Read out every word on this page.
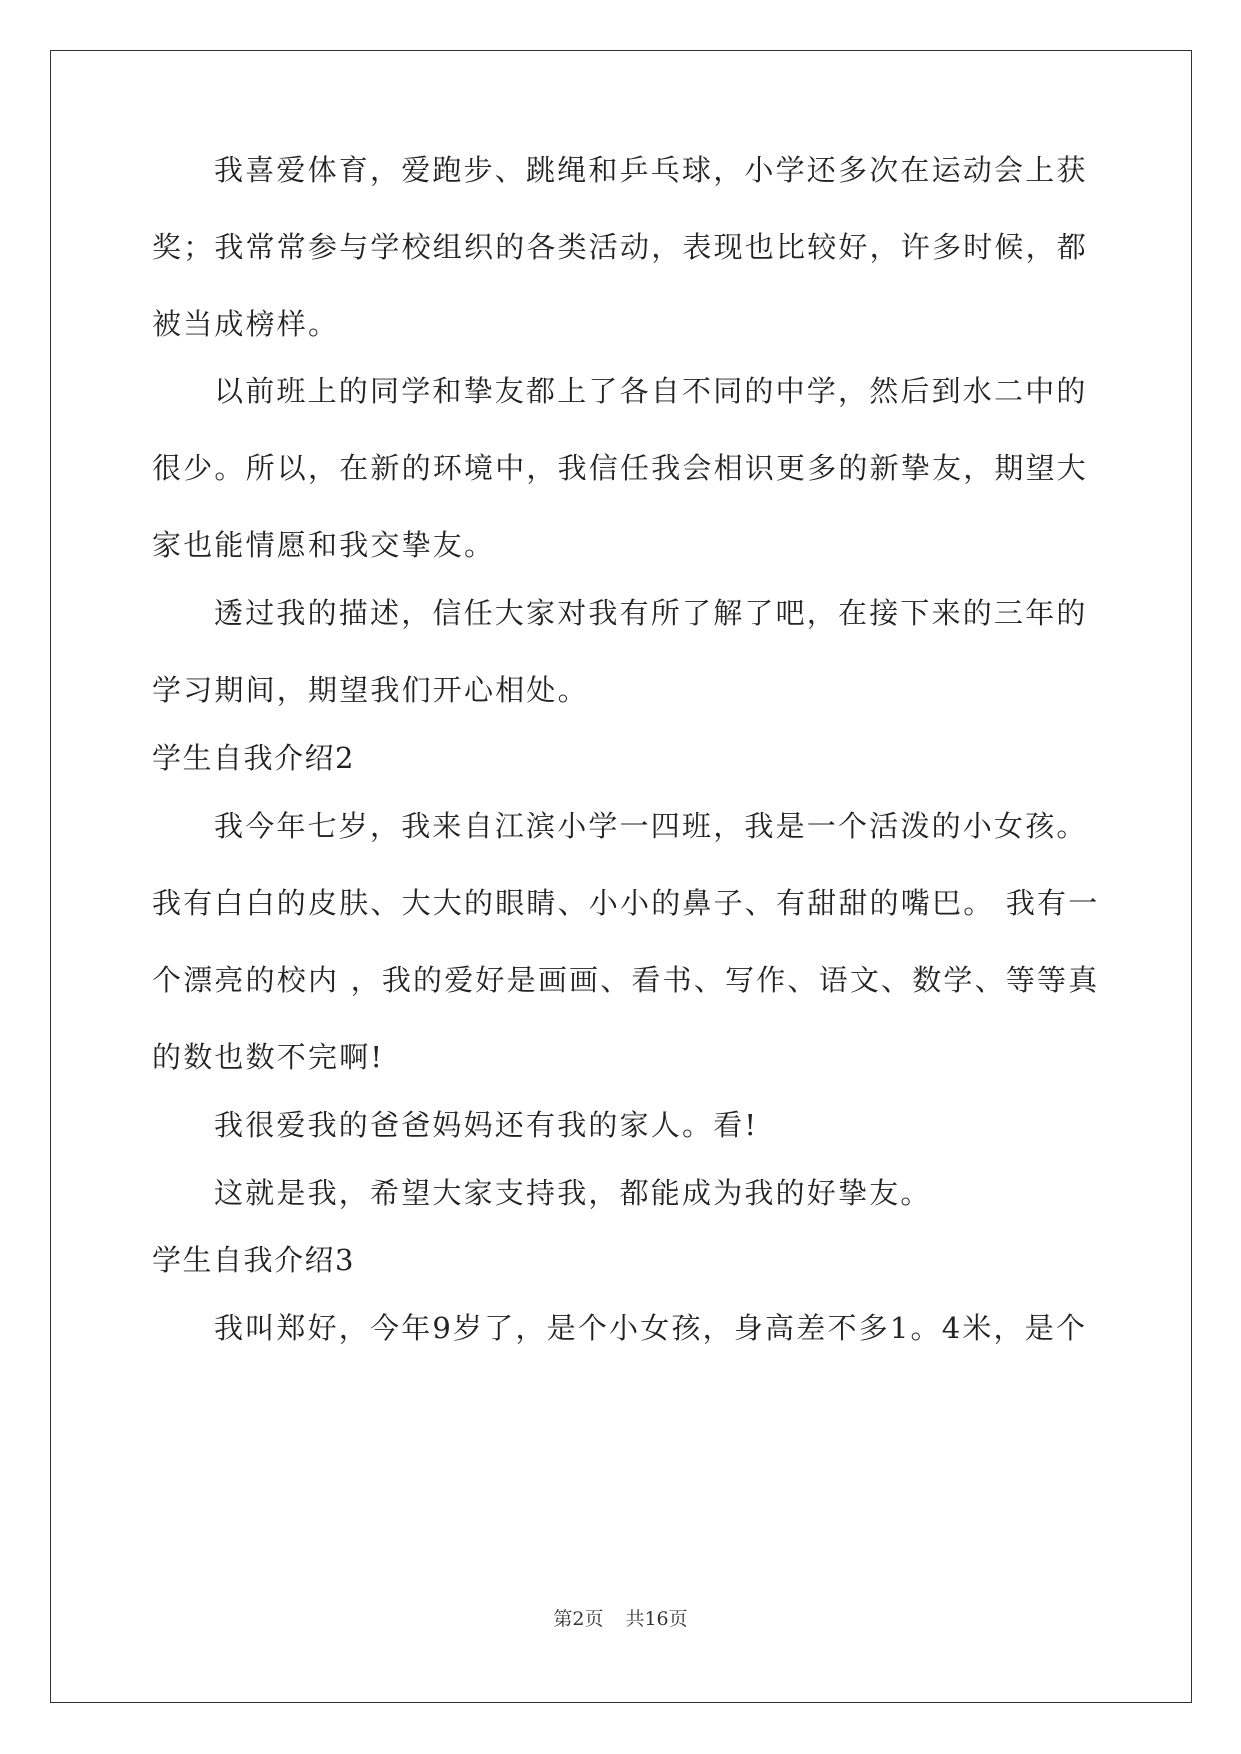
我喜爱体育，爱跑步、跳绳和乒乓球，小学还多次在运动会上获
奖；我常常参与学校组织的各类活动，表现也比较好，许多时候，都
被当成榜样。
以前班上的同学和挚友都上了各自不同的中学，然后到水二中的
很少。所以，在新的环境中，我信任我会相识更多的新挚友，期望大
家也能情愿和我交挚友。
透过我的描述，信任大家对我有所了解了吧，在接下来的三年的
学习期间，期望我们开心相处。
学生自我介绍2
我今年七岁，我来自江滨小学一四班，我是一个活泼的小女孩。
我有白白的皮肤、大大的眼睛、小小的鼻子、有甜甜的嘴巴。 我有一
个漂亮的校内 ，我的爱好是画画、看书、写作、语文、数学、等等真
的数也数不完啊!
我很爱我的爸爸妈妈还有我的家人。看!
这就是我，希望大家支持我，都能成为我的好挚友。
学生自我介绍3
我叫郑好，今年9岁了，是个小女孩，身高差不多1。4米，是个
第2页 共16页
